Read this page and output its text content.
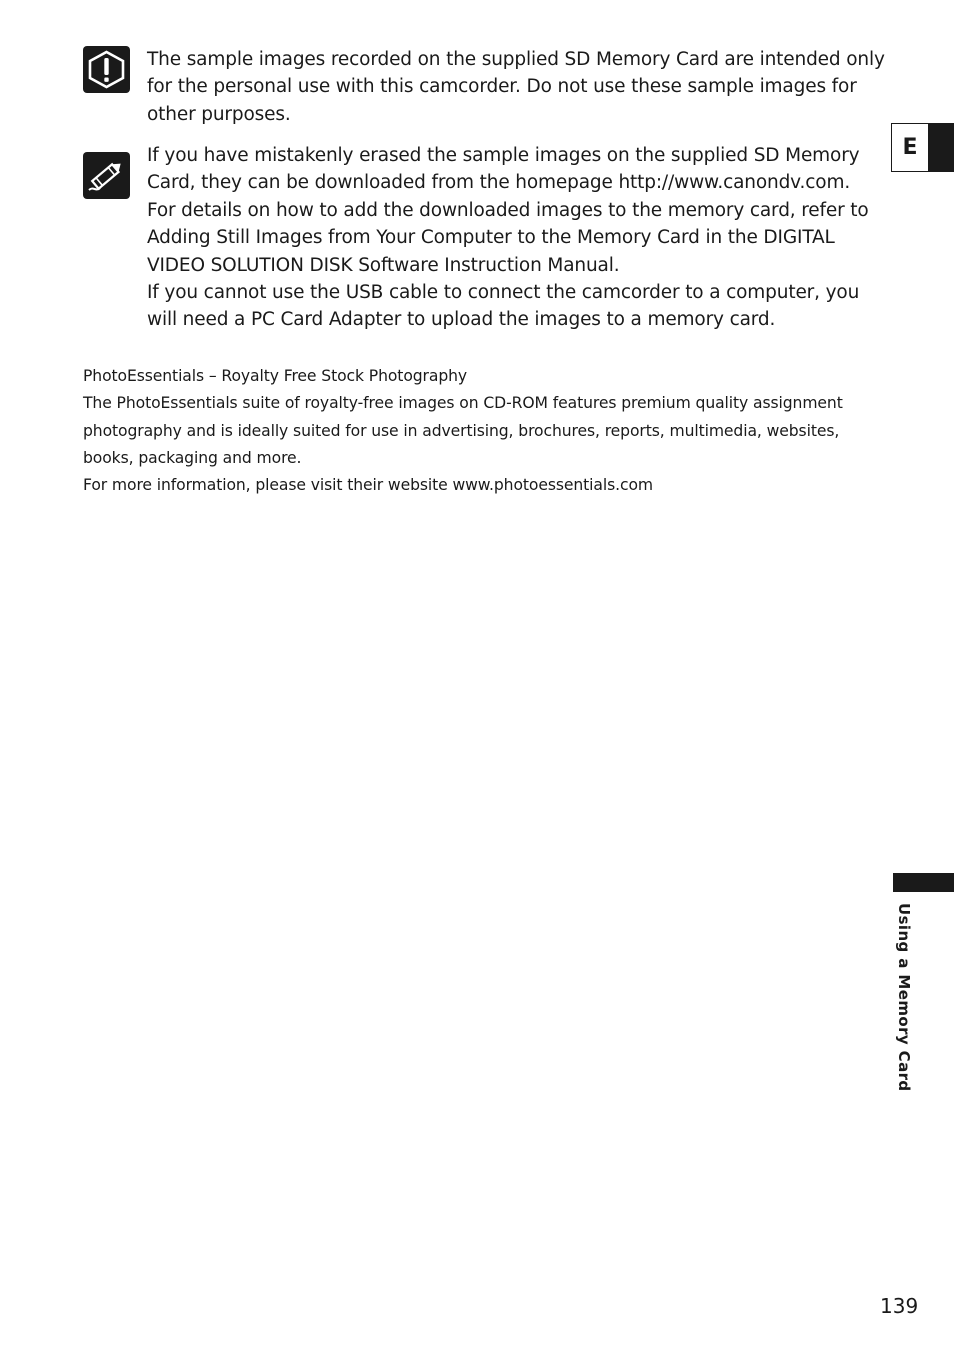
The sample images recorded on the supplied SD Memory Card are intended only for the personal use with this camcorder. Do not use these sample images for other purposes.

If you have mistakenly erased the sample images on the supplied SD Memory Card, they can be downloaded from the homepage http://www.canondv.com.

For details on how to add the downloaded images to the memory card, refer to Adding Still Images from Your Computer to the Memory Card in the DIGITAL VIDEO SOLUTION DISK Software Instruction Manual.

If you cannot use the USB cable to connect the camcorder to a computer, you will need a PC Card Adapter to upload the images to a memory card.

PhotoEssentials – Royalty Free Stock Photography

The PhotoEssentials suite of royalty-free images on CD-ROM features premium quality assignment photography and is ideally suited for use in advertising, brochures, reports, multimedia, websites, books, packaging and more.

For more information, please visit their website www.photoessentials.com

E
Using a Memory Card
139
